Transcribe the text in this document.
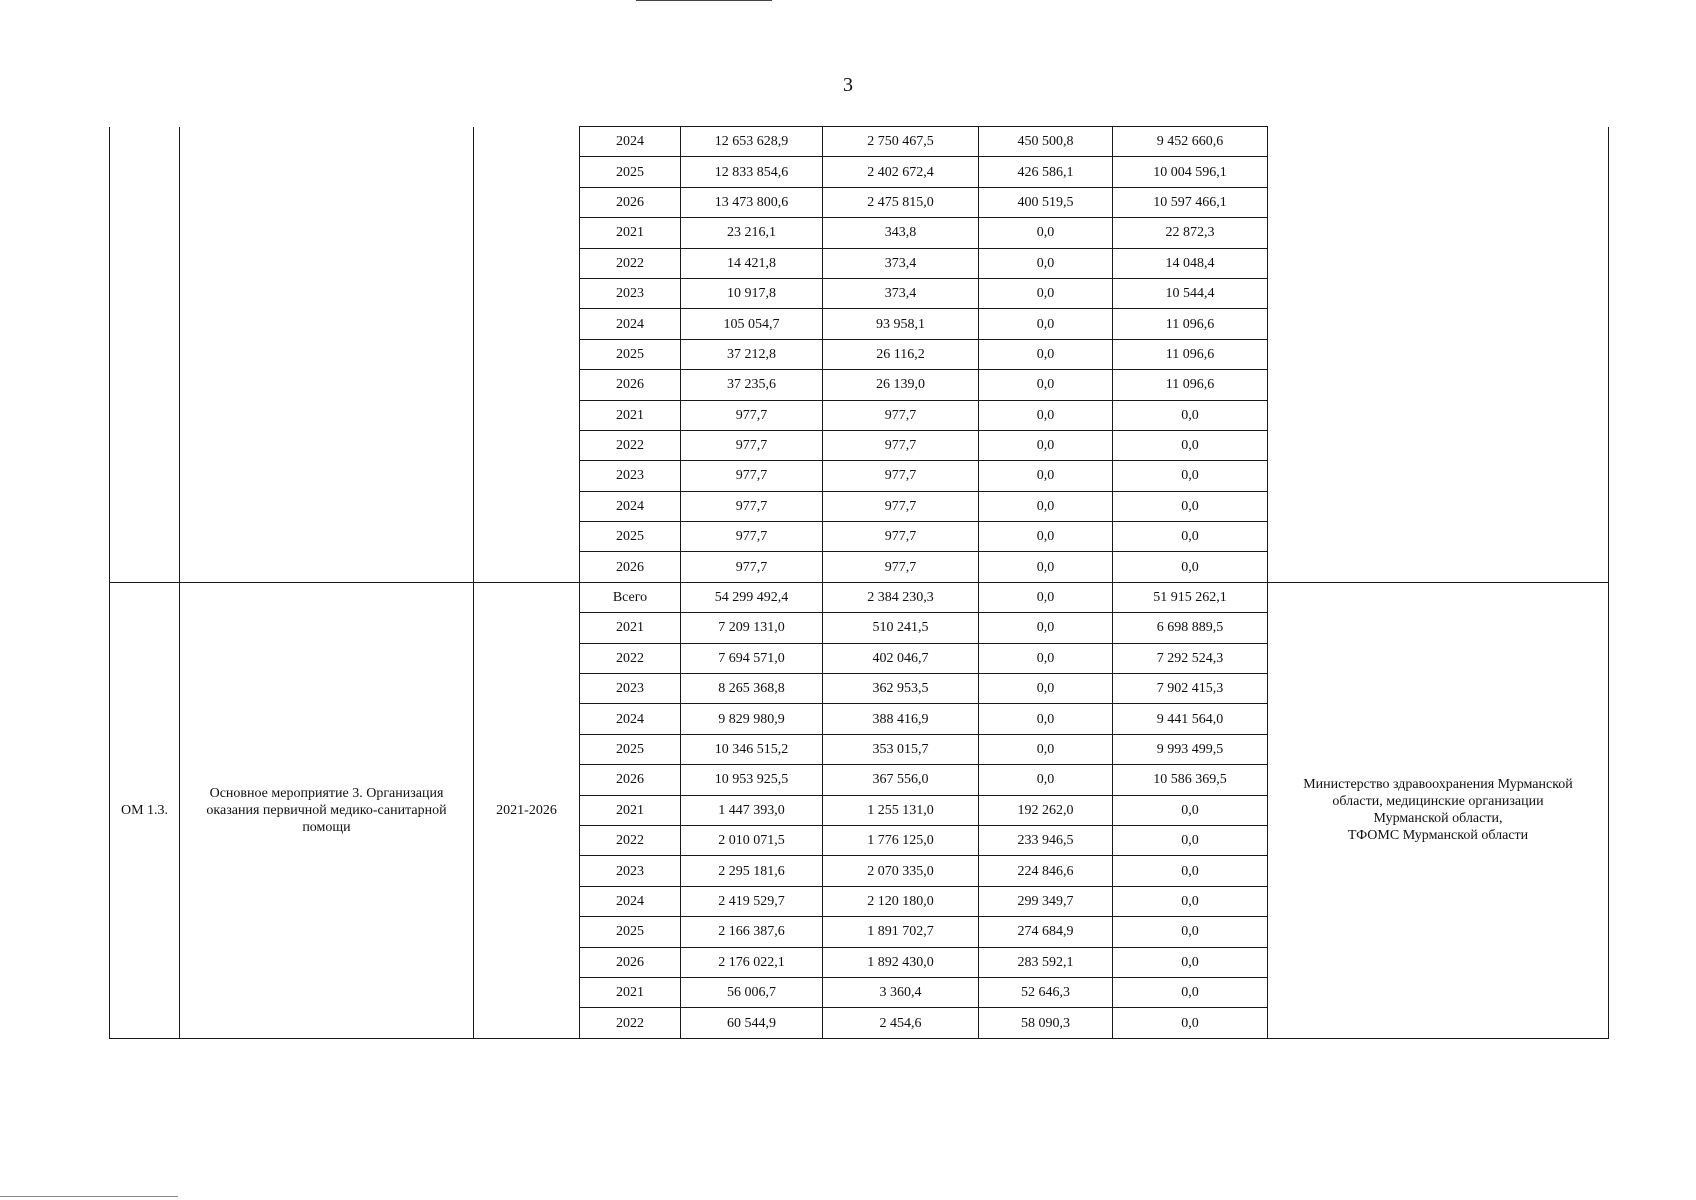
3
			2024	12 653 628,9	2 750 467,5	450 500,8	9 452 660,6	
			2025	12 833 854,6	2 402 672,4	426 586,1	10 004 596,1	
			2026	13 473 800,6	2 475 815,0	400 519,5	10 597 466,1	
			2021	23 216,1	343,8	0,0	22 872,3	
			2022	14 421,8	373,4	0,0	14 048,4	
			2023	10 917,8	373,4	0,0	10 544,4	
			2024	105 054,7	93 958,1	0,0	11 096,6	
			2025	37 212,8	26 116,2	0,0	11 096,6	
			2026	37 235,6	26 139,0	0,0	11 096,6	
			2021	977,7	977,7	0,0	0,0	
			2022	977,7	977,7	0,0	0,0	
			2023	977,7	977,7	0,0	0,0	
			2024	977,7	977,7	0,0	0,0	
			2025	977,7	977,7	0,0	0,0	
			2026	977,7	977,7	0,0	0,0	
ОМ 1.3.	Основное мероприятие 3. Организация оказания первичной медико-санитарной помощи	2021-2026	Всего	54 299 492,4	2 384 230,3	0,0	51 915 262,1	Министерство здравоохранения Мурманской
области, медицинские организации
Мурманской области,
ТФОМС Мурманской области

			2021	7 209 131,0	510 241,5	0,0	6 698 889,5	
			2022	7 694 571,0	402 046,7	0,0	7 292 524,3	
			2023	8 265 368,8	362 953,5	0,0	7 902 415,3	
			2024	9 829 980,9	388 416,9	0,0	9 441 564,0	
			2025	10 346 515,2	353 015,7	0,0	9 993 499,5	
			2026	10 953 925,5	367 556,0	0,0	10 586 369,5	
			2021	1 447 393,0	1 255 131,0	192 262,0	0,0	
			2022	2 010 071,5	1 776 125,0	233 946,5	0,0	
			2023	2 295 181,6	2 070 335,0	224 846,6	0,0	
			2024	2 419 529,7	2 120 180,0	299 349,7	0,0	
			2025	2 166 387,6	1 891 702,7	274 684,9	0,0	
			2026	2 176 022,1	1 892 430,0	283 592,1	0,0	
			2021	56 006,7	3 360,4	52 646,3	0,0	
			2022	60 544,9	2 454,6	58 090,3	0,0	
